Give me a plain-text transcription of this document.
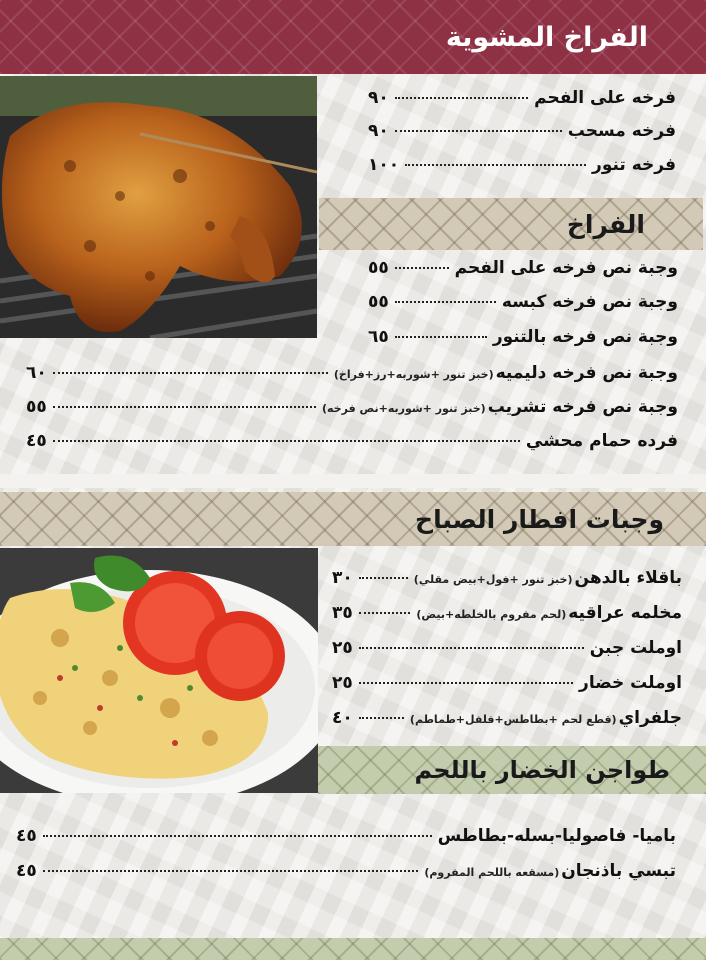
الفراخ المشوية
فرخه على الفحم
٩٠
فرخه مسحب
٩٠
فرخه تنور
١٠٠
الفراخ
وجبة نص فرخه على الفحم
٥٥
وجبة نص فرخه كبسه
٥٥
وجبة نص فرخه بالتنور
٦٥
وجبة نص فرخه دليميه
(خبز تنور +شوربه+رز+فراخ)
٦٠
وجبة نص فرخه تشريب
(خبز تنور +شوربه+نص فرخه)
٥٥
فرده حمام محشي
٤٥
وجبات افطار الصباح
باقلاء بالدهن
(خبز تنور +فول+بيض مقلي)
٣٠
مخلمه عراقيه
(لحم مفروم بالخلطه+بيض)
٣٥
اوملت جبن
٢٥
اوملت خضار
٢٥
جلفراي
(قطع لحم +بطاطس+فلفل+طماطم)
٤٠
طواجن الخضار باللحم
باميا- فاصوليا-بسله-بطاطس
٤٥
تبسي باذنجان
(مسقعه باللحم المفروم)
٤٥
